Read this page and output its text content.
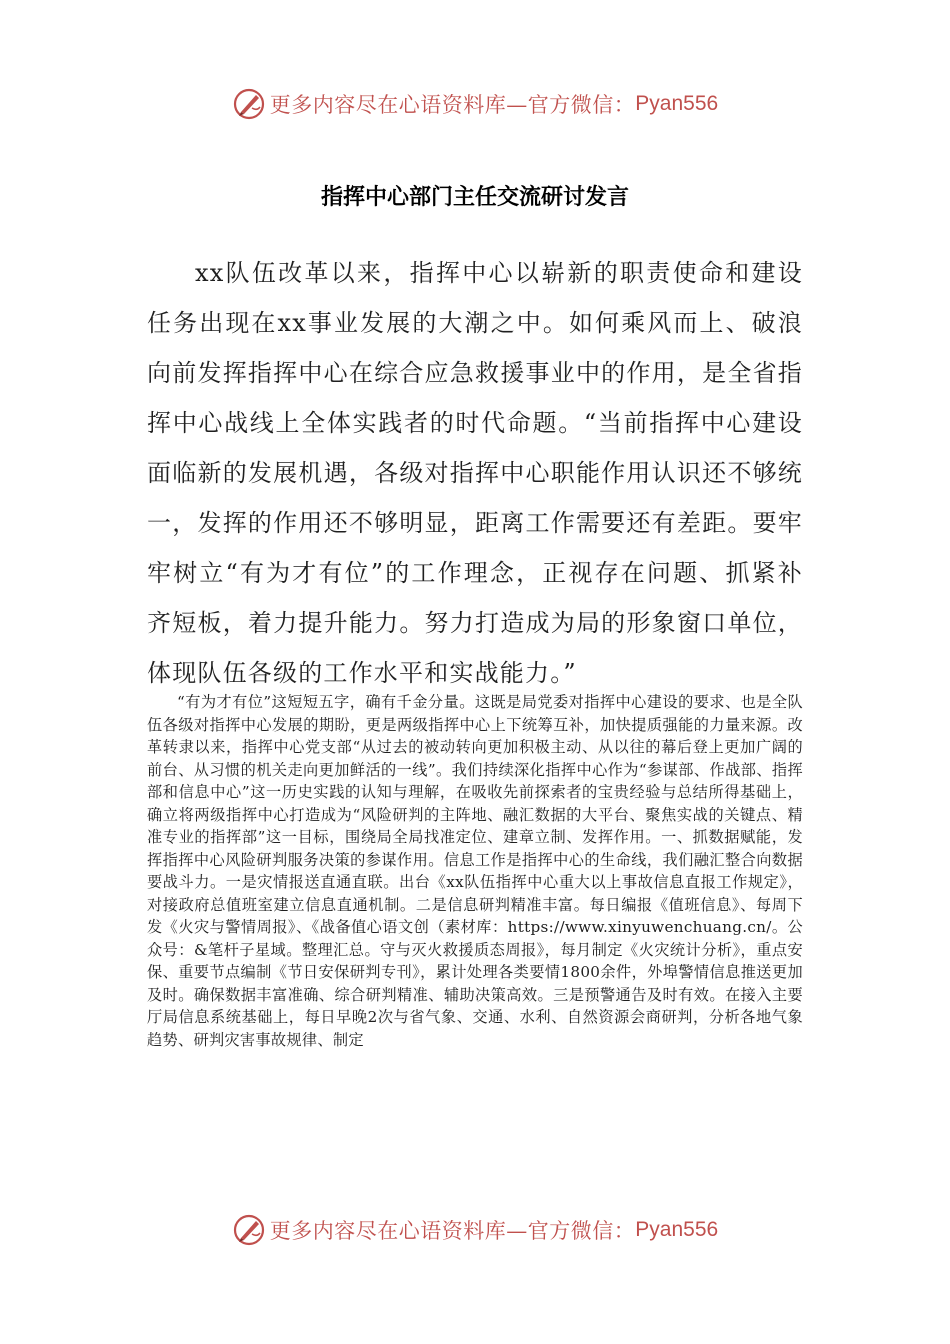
更多内容尽在心语资料库—官方微信： Pyan556
指挥中心部门主任交流研讨发言

xx队伍改革以来，指挥中心以崭新的职责使命和建设任务出现在xx事业发展的大潮之中。如何乘风而上、破浪向前发挥指挥中心在综合应急救援事业中的作用，是全省指挥中心战线上全体实践者的时代命题。“当前指挥中心建设面临新的发展机遇，各级对指挥中心职能作用认识还不够统一，发挥的作用还不够明显，距离工作需要还有差距。要牢牢树立“有为才有位”的工作理念，正视存在问题、抓紧补齐短板，着力提升能力。努力打造成为局的形象窗口单位，体现队伍各级的工作水平和实战能力。”

“有为才有位”这短短五字，确有千金分量。这既是局党委对指挥中心建设的要求、也是全队伍各级对指挥中心发展的期盼，更是两级指挥中心上下统筹互补，加快提质强能的力量来源。改革转隶以来，指挥中心党支部“从过去的被动转向更加积极主动、从以往的幕后登上更加广阔的前台、从习惯的机关走向更加鲜活的一线”。我们持续深化指挥中心作为“参谋部、作战部、指挥部和信息中心”这一历史实践的认知与理解，在吸收先前探索者的宝贵经验与总结所得基础上，确立将两级指挥中心打造成为“风险研判的主阵地、融汇数据的大平台、聚焦实战的关键点、精准专业的指挥部”这一目标，围绕局全局找准定位、建章立制、发挥作用。一、抓数据赋能，发挥指挥中心风险研判服务决策的参谋作用。信息工作是指挥中心的生命线，我们融汇整合向数据要战斗力。一是灾情报送直通直联。出台《xx队伍指挥中心重大以上事故信息直报工作规定》，对接政府总值班室建立信息直通机制。二是信息研判精准丰富。每日编报《值班信息》、每周下发《火灾与警情周报》、《战备值心语文创（素材库：https://www.xinyuwenchuang.cn/。公众号：&笔杆子星域。整理汇总。守与灭火救援质态周报》，每月制定《火灾统计分析》，重点安保、重要节点编制《节日安保研判专刊》，累计处理各类要情1800余件，外埠警情信息推送更加及时。确保数据丰富准确、综合研判精准、辅助决策高效。三是预警通告及时有效。在接入主要厅局信息系统基础上，每日早晚2次与省气象、交通、水利、自然资源会商研判，分析各地气象趋势、研判灾害事故规律、制定

更多内容尽在心语资料库—官方微信： Pyan556
